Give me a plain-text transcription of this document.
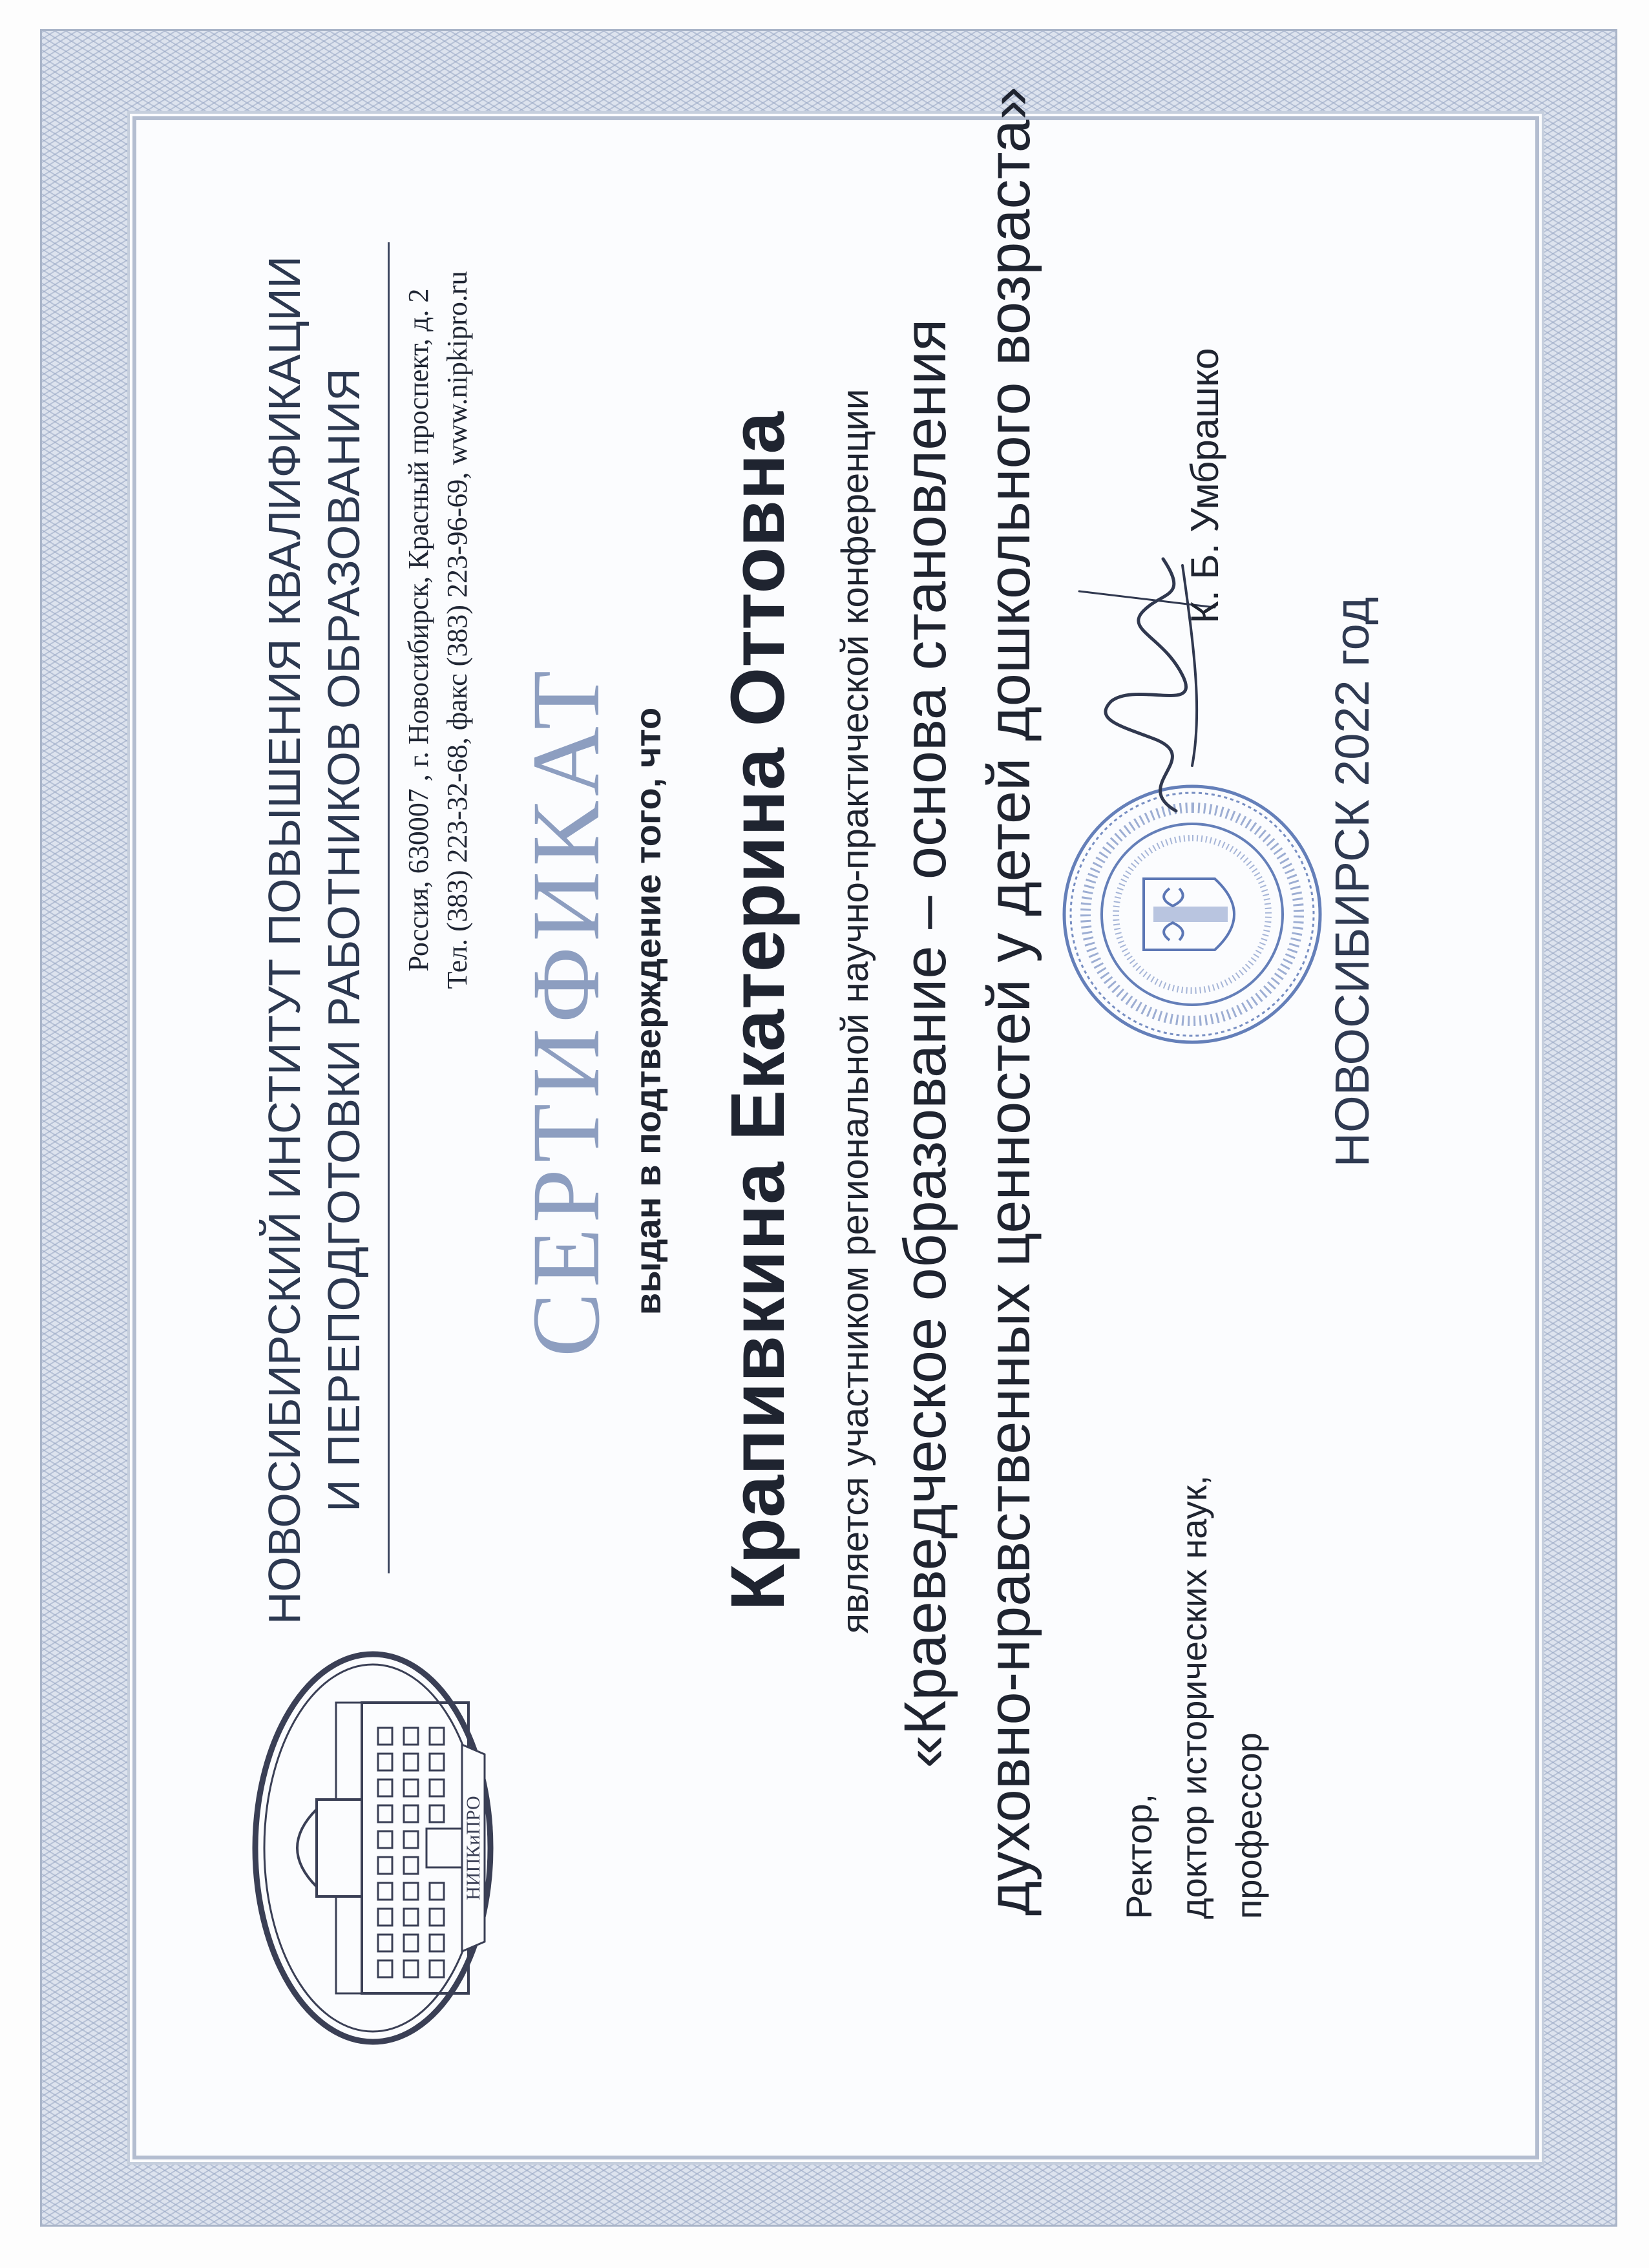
НИПКиПРО
НОВОСИБИРСКИЙ ИНСТИТУТ ПОВЫШЕНИЯ КВАЛИФИКАЦИИ И ПЕРЕПОДГОТОВКИ РАБОТНИКОВ ОБРАЗОВАНИЯ Россия, 630007 , г. Новосибирск, Красный проспект, д. 2 Тел. (383) 223-32-68, факс (383) 223-96-69, www.nipkipro.ru
СЕРТИФИКАТ выдан в подтверждение того, что Крапивкина Екатерина Оттовна является участником региональной научно-практической конференции «Краеведческое образование – основа становления духовно-нравственных ценностей у детей дошкольного возраста» Ректор, доктор исторических наук, профессор
К. Б. Умбрашко
НОВОСИБИРСК 2022 год
